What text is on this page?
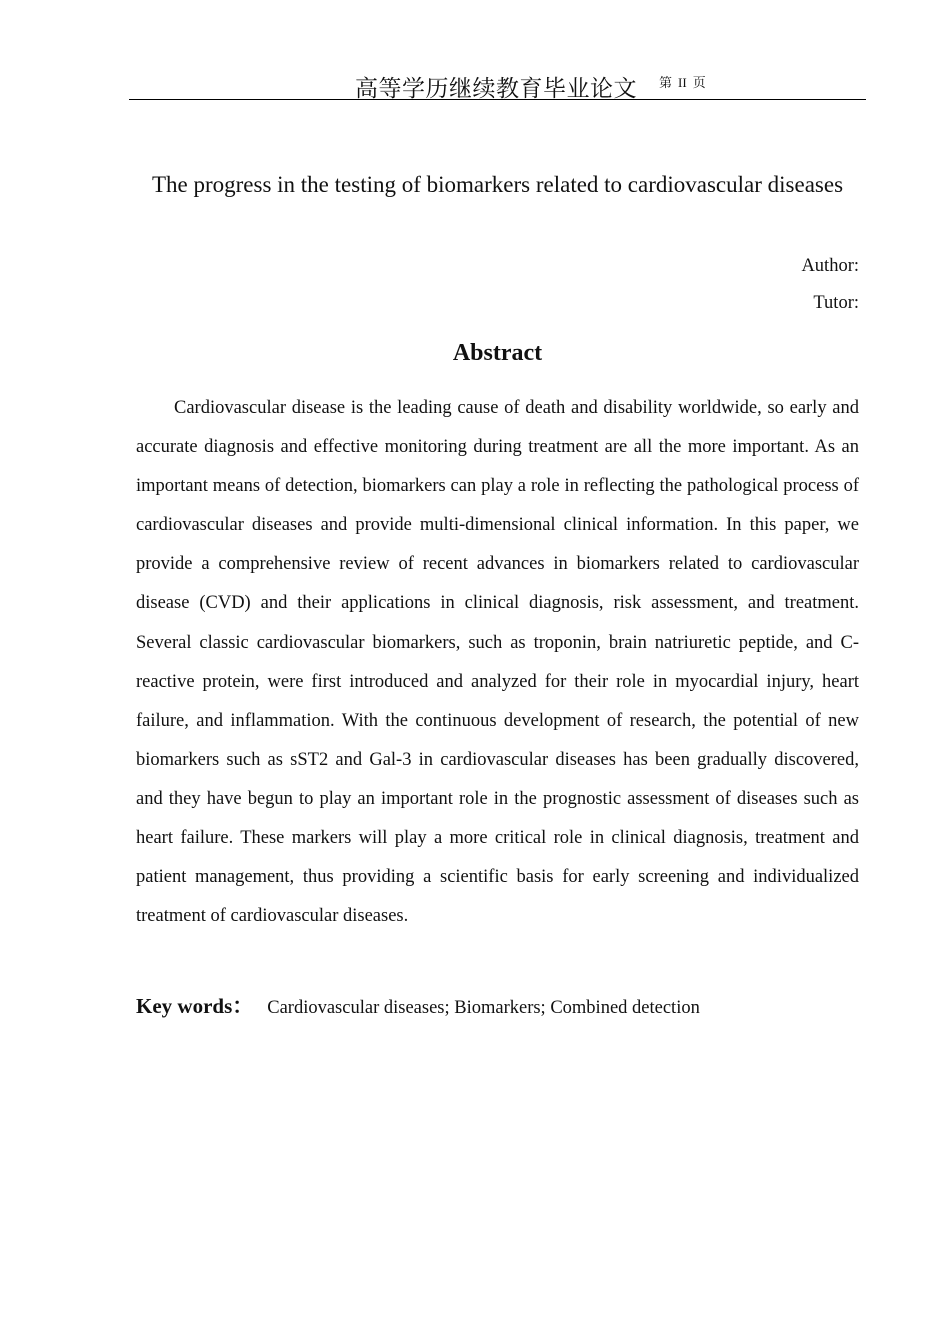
高等学历继续教育毕业论文 第 II 页
The progress in the testing of biomarkers related to cardiovascular diseases
Author:
Tutor:
Abstract

Cardiovascular disease is the leading cause of death and disability worldwide, so early and accurate diagnosis and effective monitoring during treatment are all the more important. As an important means of detection, biomarkers can play a role in reflecting the pathological process of cardiovascular diseases and provide multi-dimensional clinical information. In this paper, we provide a comprehensive review of recent advances in biomarkers related to cardiovascular disease (CVD) and their applications in clinical diagnosis, risk assessment, and treatment. Several classic cardiovascular biomarkers, such as troponin, brain natriuretic peptide, and C-reactive protein, were first introduced and analyzed for their role in myocardial injury, heart failure, and inflammation. With the continuous development of research, the potential of new biomarkers such as sST2 and Gal-3 in cardiovascular diseases has been gradually discovered, and they have begun to play an important role in the prognostic assessment of diseases such as heart failure. These markers will play a more critical role in clinical diagnosis, treatment and patient management, thus providing a scientific basis for early screening and individualized treatment of cardiovascular diseases.

Key words： Cardiovascular diseases; Biomarkers; Combined detection
